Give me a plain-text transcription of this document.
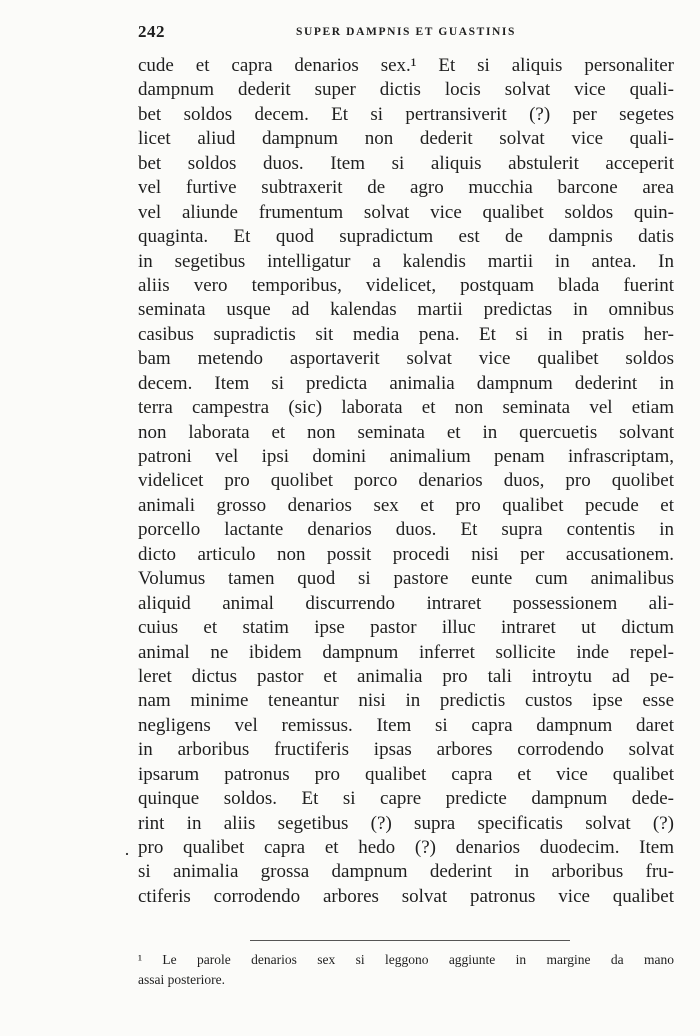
242	SUPER DAMPNIS ET GUASTINIS
cude et capra denarios sex.¹ Et si aliquis personaliter
dampnum dederit super dictis locis solvat vice quali-
bet soldos decem. Et si pertransiverit (?) per segetes
licet aliud dampnum non dederit solvat vice quali-
bet soldos duos. Item si aliquis abstulerit acceperit
vel furtive subtraxerit de agro mucchia barcone area
vel aliunde frumentum solvat vice qualibet soldos quin-
quaginta. Et quod supradictum est de dampnis datis
in segetibus intelligatur a kalendis martii in antea. In
aliis vero temporibus, videlicet, postquam blada fuerint
seminata usque ad kalendas martii predictas in omnibus
casibus supradictis sit media pena. Et si in pratis her-
bam metendo asportaverit solvat vice qualibet soldos
decem. Item si predicta animalia dampnum dederint in
terra campestra (sic) laborata et non seminata vel etiam
non laborata et non seminata et in quercuetis solvant
patroni vel ipsi domini animalium penam infrascriptam,
videlicet pro quolibet porco denarios duos, pro quolibet
animali grosso denarios sex et pro qualibet pecude et
porcello lactante denarios duos. Et supra contentis in
dicto articulo non possit procedi nisi per accusationem.
Volumus tamen quod si pastore eunte cum animalibus
aliquid animal discurrendo intraret possessionem ali-
cuius et statim ipse pastor illuc intraret ut dictum
animal ne ibidem dampnum inferret sollicite inde repel-
leret dictus pastor et animalia pro tali introytu ad pe-
nam minime teneantur nisi in predictis custos ipse esse
negligens vel remissus. Item si capra dampnum daret
in arboribus fructiferis ipsas arbores corrodendo solvat
ipsarum patronus pro qualibet capra et vice qualibet
quinque soldos. Et si capre predicte dampnum dede-
rint in aliis segetibus (?) supra specificatis solvat (?)
pro qualibet capra et hedo (?) denarios duodecim. Item
si animalia grossa dampnum dederint in arboribus fru-
ctiferis corrodendo arbores solvat patronus vice qualibet
·
¹ Le parole denarios sex si leggono aggiunte in margine da mano
assai posteriore.
